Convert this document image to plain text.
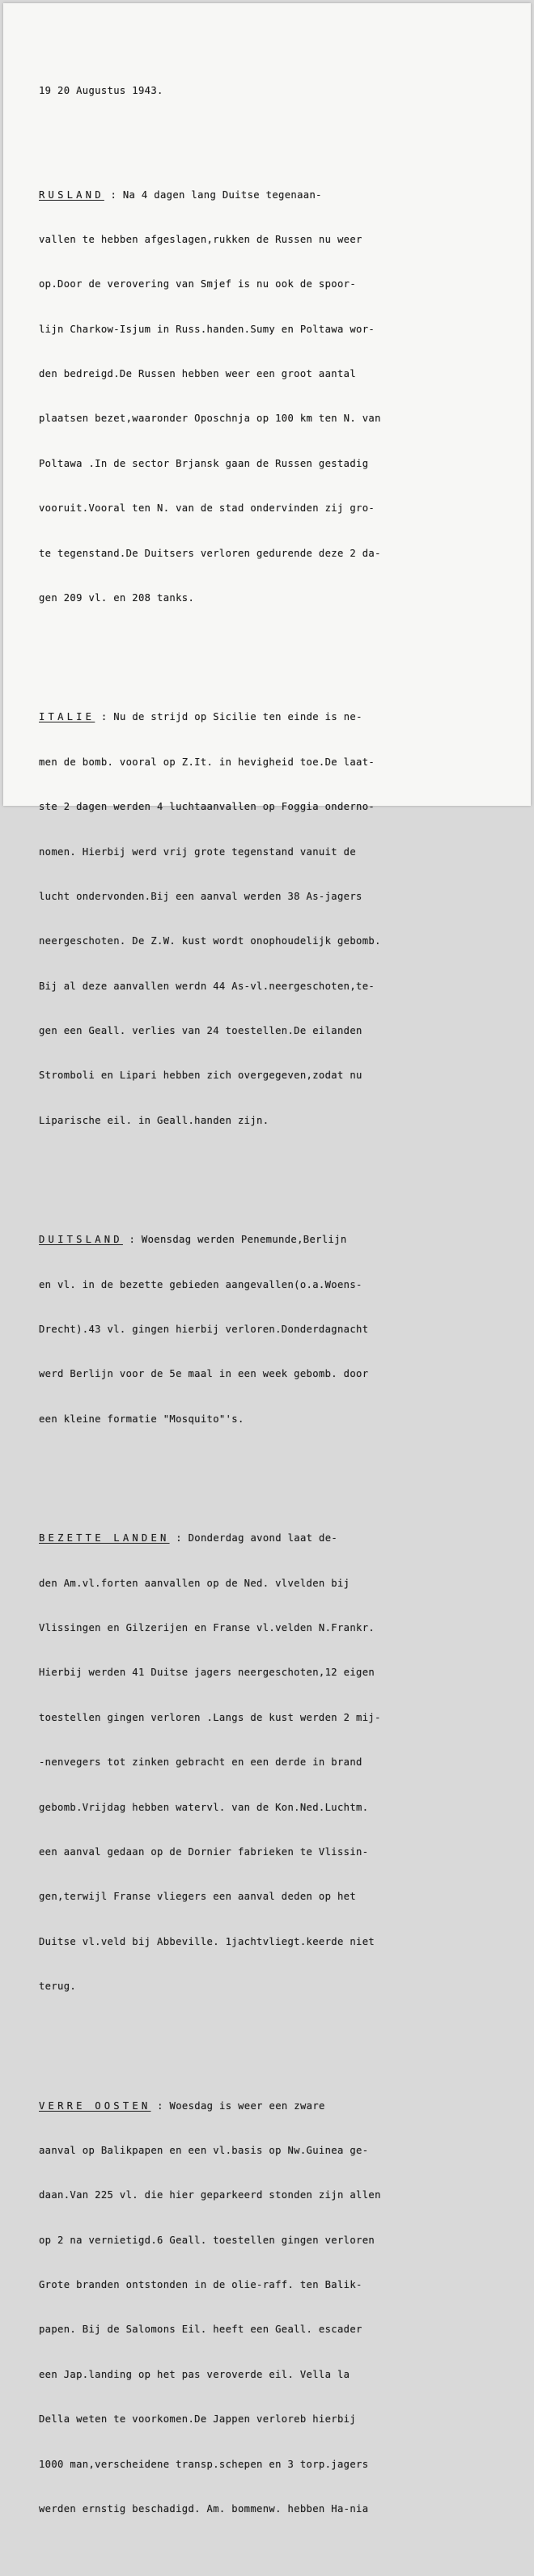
19 20 Augustus 1943.

RUSLAND : Na 4 dagen lang Duitse tegenaan-

vallen te hebben afgeslagen,rukken de Russen nu weer

op.Door de verovering van Smjef is nu ook de spoor-

lijn Charkow-Isjum in Russ.handen.Sumy en Poltawa wor-

den bedreigd.De Russen hebben weer een groot aantal

plaatsen bezet,waaronder Oposchnja op 100 km ten N. van

Poltawa .In de sector Brjansk gaan de Russen gestadig

vooruit.Vooral ten N. van de stad ondervinden zij gro-

te tegenstand.De Duitsers verloren gedurende deze 2 da-

gen 209 vl. en 208 tanks.

ITALIE : Nu de strijd op Sicilie ten einde is ne-

men de bomb. vooral op Z.It. in hevigheid toe.De laat-

ste 2 dagen werden 4 luchtaanvallen op Foggia onderno-

nomen. Hierbij werd vrij grote tegenstand vanuit de

lucht ondervonden.Bij een aanval werden 38 As-jagers

neergeschoten. De Z.W. kust wordt onophoudelijk gebomb.

Bij al deze aanvallen werdn 44 As-vl.neergeschoten,te-

gen een Geall. verlies van 24 toestellen.De eilanden

Stromboli en Lipari hebben zich overgegeven,zodat nu

Liparische eil. in Geall.handen zijn.

DUITSLAND : Woensdag werden Penemunde,Berlijn

en vl. in de bezette gebieden aangevallen(o.a.Woens-

Drecht).43 vl. gingen hierbij verloren.Donderdagnacht

werd Berlijn voor de 5e maal in een week gebomb. door

een kleine formatie "Mosquito"'s.

BEZETTE LANDEN : Donderdag avond laat de-

den Am.vl.forten aanvallen op de Ned. vlvelden bij

Vlissingen en Gilzerijen en Franse vl.velden N.Frankr.

Hierbij werden 41 Duitse jagers neergeschoten,12 eigen

toestellen gingen verloren .Langs de kust werden 2 mij-

-nenvegers tot zinken gebracht en een derde in brand

gebomb.Vrijdag hebben watervl. van de Kon.Ned.Luchtm.

een aanval gedaan op de Dornier fabrieken te Vlissin-

gen,terwijl Franse vliegers een aanval deden op het

Duitse vl.veld bij Abbeville. 1jachtvliegt.keerde niet

terug.

VERRE OOSTEN : Woesdag is weer een zware

aanval op Balikpapen en een vl.basis op Nw.Guinea ge-

daan.Van 225 vl. die hier geparkeerd stonden zijn allen

op 2 na vernietigd.6 Geall. toestellen gingen verloren

Grote branden ontstonden in de olie-raff. ten Balik-

papen. Bij de Salomons Eil. heeft een Geall. escader

een Jap.landing op het pas veroverde eil. Vella la

Della weten te voorkomen.De Jappen verloreb hierbij

1000 man,verscheidene transp.schepen en 3 torp.jagers

werden ernstig beschadigd. Am. bommenw. hebben Ha-nia
